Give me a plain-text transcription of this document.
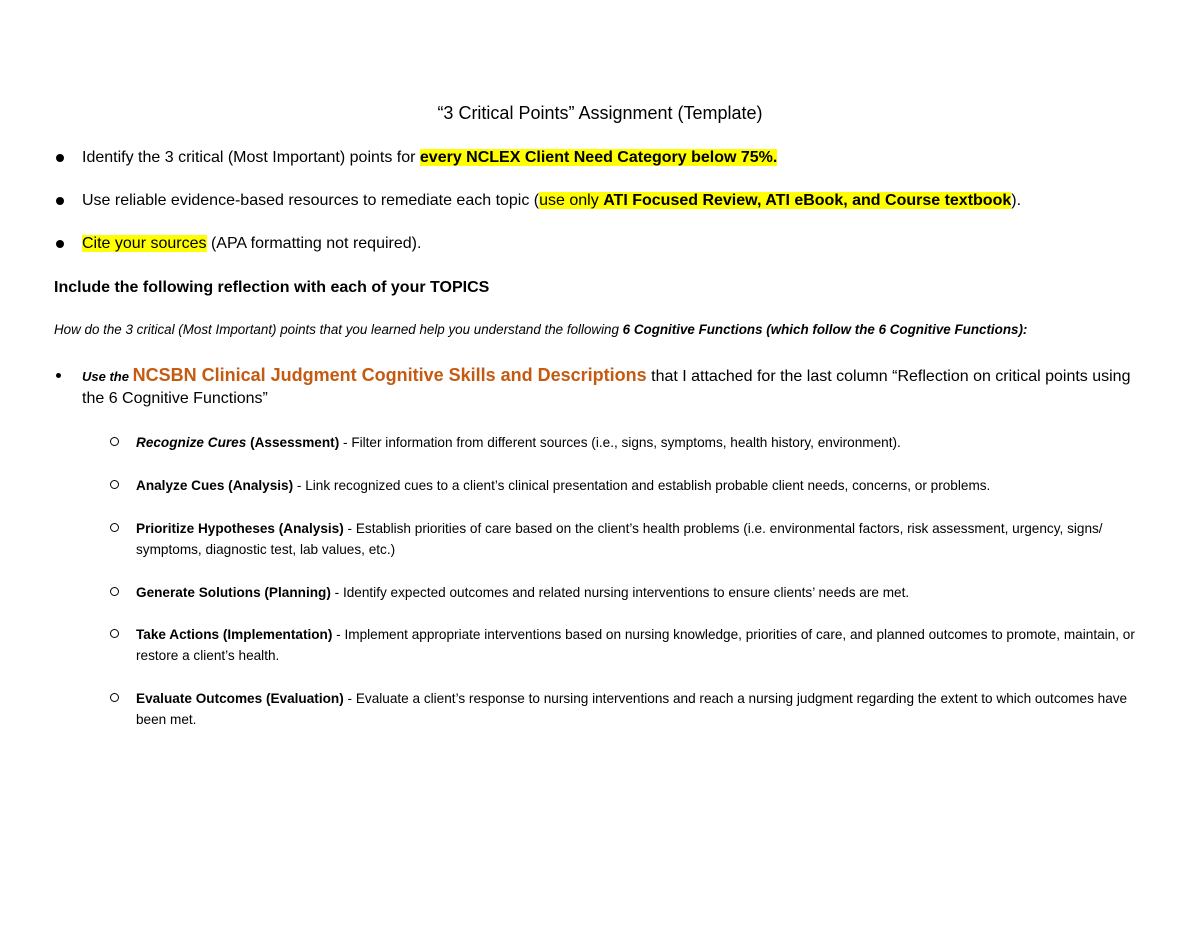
“3 Critical Points” Assignment (Template)
Identify the 3 critical (Most Important) points for every NCLEX Client Need Category below 75%.
Use reliable evidence-based resources to remediate each topic (use only ATI Focused Review, ATI eBook, and Course textbook).
Cite your sources (APA formatting not required).
Include the following reflection with each of your TOPICS
How do the 3 critical (Most Important) points that you learned help you understand the following 6 Cognitive Functions (which follow the 6 Cognitive Functions):
Use the NCSBN Clinical Judgment Cognitive Skills and Descriptions that I attached for the last column “Reflection on critical points using the 6 Cognitive Functions”
Recognize Cures (Assessment) - Filter information from different sources (i.e., signs, symptoms, health history, environment).
Analyze Cues (Analysis) - Link recognized cues to a client’s clinical presentation and establish probable client needs, concerns, or problems.
Prioritize Hypotheses (Analysis) - Establish priorities of care based on the client’s health problems (i.e. environmental factors, risk assessment, urgency, signs/ symptoms, diagnostic test, lab values, etc.)
Generate Solutions (Planning) - Identify expected outcomes and related nursing interventions to ensure clients’ needs are met.
Take Actions (Implementation) - Implement appropriate interventions based on nursing knowledge, priorities of care, and planned outcomes to promote, maintain, or restore a client’s health.
Evaluate Outcomes (Evaluation) - Evaluate a client’s response to nursing interventions and reach a nursing judgment regarding the extent to which outcomes have been met.
